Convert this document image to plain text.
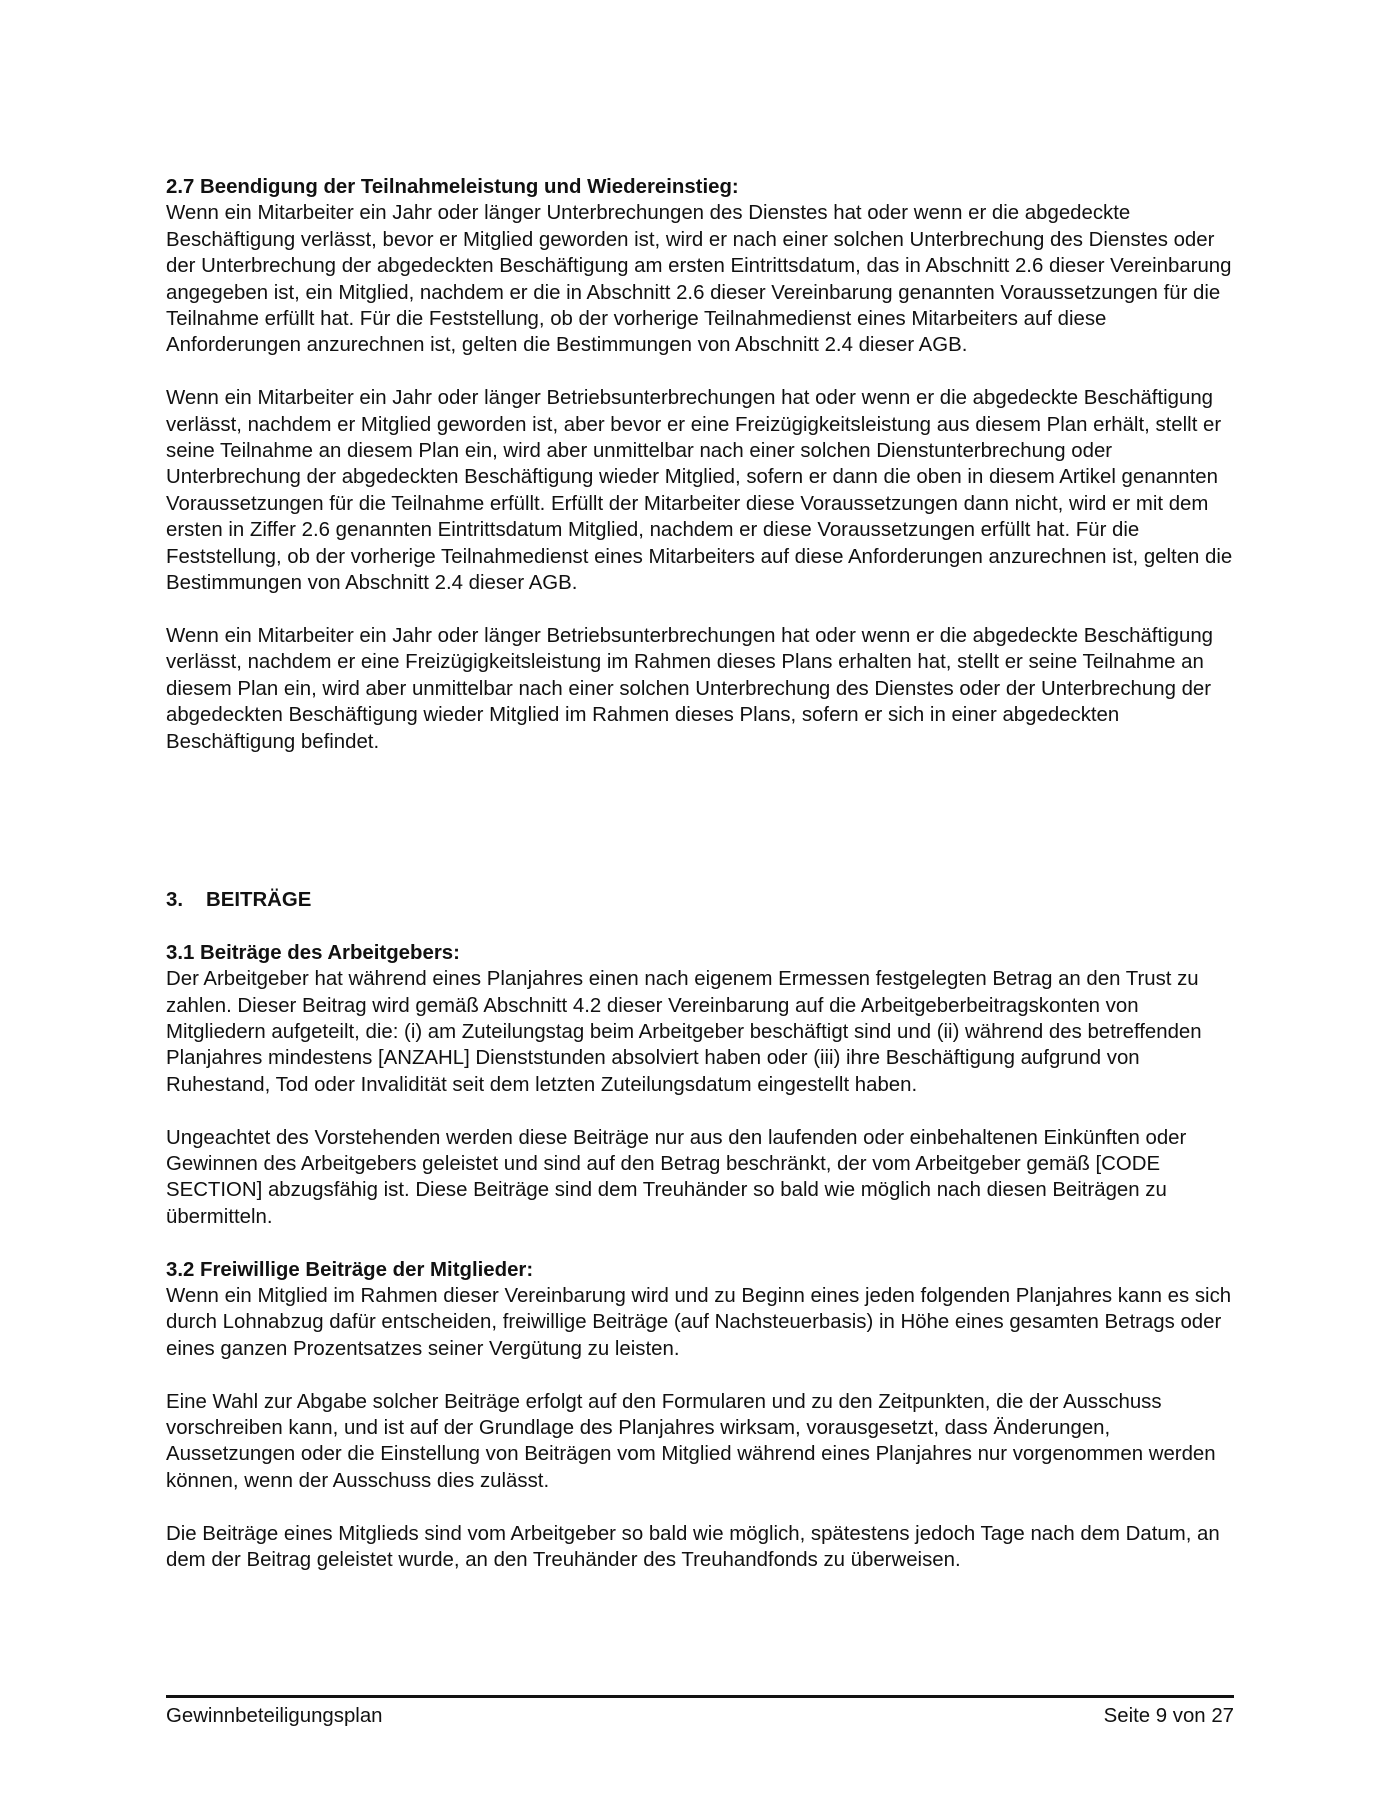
2.7 Beendigung der Teilnahmeleistung und Wiedereinstieg:

Wenn ein Mitarbeiter ein Jahr oder länger Unterbrechungen des Dienstes hat oder wenn er die abgedeckte Beschäftigung verlässt, bevor er Mitglied geworden ist, wird er nach einer solchen Unterbrechung des Dienstes oder der Unterbrechung der abgedeckten Beschäftigung am ersten Eintrittsdatum, das in Abschnitt 2.6 dieser Vereinbarung angegeben ist, ein Mitglied, nachdem er die in Abschnitt 2.6 dieser Vereinbarung genannten Voraussetzungen für die Teilnahme erfüllt hat. Für die Feststellung, ob der vorherige Teilnahmedienst eines Mitarbeiters auf diese Anforderungen anzurechnen ist, gelten die Bestimmungen von Abschnitt 2.4 dieser AGB.

Wenn ein Mitarbeiter ein Jahr oder länger Betriebsunterbrechungen hat oder wenn er die abgedeckte Beschäftigung verlässt, nachdem er Mitglied geworden ist, aber bevor er eine Freizügigkeitsleistung aus diesem Plan erhält, stellt er seine Teilnahme an diesem Plan ein, wird aber unmittelbar nach einer solchen Dienstunterbrechung oder Unterbrechung der abgedeckten Beschäftigung wieder Mitglied, sofern er dann die oben in diesem Artikel genannten Voraussetzungen für die Teilnahme erfüllt. Erfüllt der Mitarbeiter diese Voraussetzungen dann nicht, wird er mit dem ersten in Ziffer 2.6 genannten Eintrittsdatum Mitglied, nachdem er diese Voraussetzungen erfüllt hat. Für die Feststellung, ob der vorherige Teilnahmedienst eines Mitarbeiters auf diese Anforderungen anzurechnen ist, gelten die Bestimmungen von Abschnitt 2.4 dieser AGB.

Wenn ein Mitarbeiter ein Jahr oder länger Betriebsunterbrechungen hat oder wenn er die abgedeckte Beschäftigung verlässt, nachdem er eine Freizügigkeitsleistung im Rahmen dieses Plans erhalten hat, stellt er seine Teilnahme an diesem Plan ein, wird aber unmittelbar nach einer solchen Unterbrechung des Dienstes oder der Unterbrechung der abgedeckten Beschäftigung wieder Mitglied im Rahmen dieses Plans, sofern er sich in einer abgedeckten Beschäftigung befindet.

3.	BEITRÄGE

3.1 Beiträge des Arbeitgebers:

Der Arbeitgeber hat während eines Planjahres einen nach eigenem Ermessen festgelegten Betrag an den Trust zu zahlen. Dieser Beitrag wird gemäß Abschnitt 4.2 dieser Vereinbarung auf die Arbeitgeberbeitragskonten von Mitgliedern aufgeteilt, die: (i) am Zuteilungstag beim Arbeitgeber beschäftigt sind und (ii) während des betreffenden Planjahres mindestens [ANZAHL] Dienststunden absolviert haben oder (iii) ihre Beschäftigung aufgrund von Ruhestand, Tod oder Invalidität seit dem letzten Zuteilungsdatum eingestellt haben.

Ungeachtet des Vorstehenden werden diese Beiträge nur aus den laufenden oder einbehaltenen Einkünften oder Gewinnen des Arbeitgebers geleistet und sind auf den Betrag beschränkt, der vom Arbeitgeber gemäß [CODE SECTION] abzugsfähig ist. Diese Beiträge sind dem Treuhänder so bald wie möglich nach diesen Beiträgen zu übermitteln.

3.2 Freiwillige Beiträge der Mitglieder:

Wenn ein Mitglied im Rahmen dieser Vereinbarung wird und zu Beginn eines jeden folgenden Planjahres kann es sich durch Lohnabzug dafür entscheiden, freiwillige Beiträge (auf Nachsteuerbasis) in Höhe eines gesamten Betrags oder eines ganzen Prozentsatzes seiner Vergütung zu leisten.

Eine Wahl zur Abgabe solcher Beiträge erfolgt auf den Formularen und zu den Zeitpunkten, die der Ausschuss vorschreiben kann, und ist auf der Grundlage des Planjahres wirksam, vorausgesetzt, dass Änderungen, Aussetzungen oder die Einstellung von Beiträgen vom Mitglied während eines Planjahres nur vorgenommen werden können, wenn der Ausschuss dies zulässt.

Die Beiträge eines Mitglieds sind vom Arbeitgeber so bald wie möglich, spätestens jedoch Tage nach dem Datum, an dem der Beitrag geleistet wurde, an den Treuhänder des Treuhandfonds zu überweisen.

Gewinnbeteiligungsplan	Seite 9 von 27
